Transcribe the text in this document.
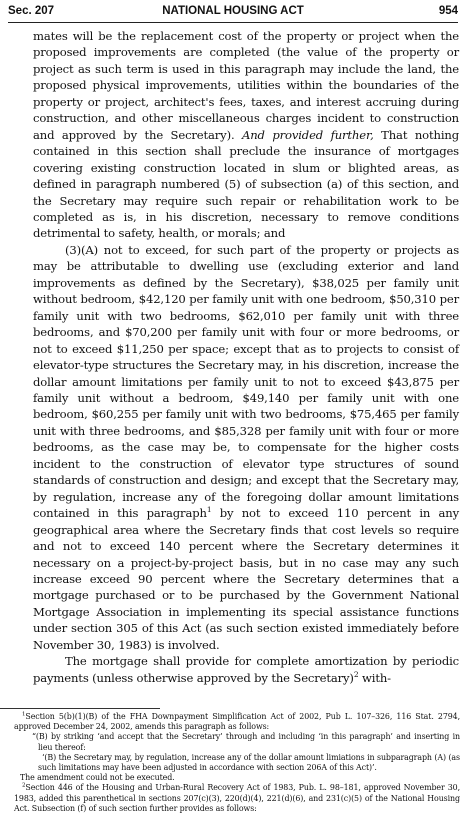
Sec. 207	NATIONAL HOUSING ACT	954

mates will be the replacement cost of the property or project when the proposed improvements are completed (the value of the property or project as such term is used in this paragraph may include the land, the proposed physical improvements, utilities within the boundaries of the property or project, architect's fees, taxes, and interest accruing during construction, and other miscellaneous charges incident to construction and approved by the Secretary). And provided further, That nothing contained in this section shall preclude the insurance of mortgages covering existing construction located in slum or blighted areas, as defined in paragraph numbered (5) of subsection (a) of this section, and the Secretary may require such repair or rehabilitation work to be completed as is, in his discretion, necessary to remove conditions detrimental to safety, health, or morals; and

(3)(A) not to exceed, for such part of the property or projects as may be attributable to dwelling use (excluding exterior and land improvements as defined by the Secretary), $38,025 per family unit without bedroom, $42,120 per family unit with one bedroom, $50,310 per family unit with two bedrooms, $62,010 per family unit with three bedrooms, and $70,200 per family unit with four or more bedrooms, or not to exceed $11,250 per space; except that as to projects to consist of elevator-type structures the Secretary may, in his discretion, increase the dollar amount limitations per family unit to not to exceed $43,875 per family unit without a bedroom, $49,140 per family unit with one bedroom, $60,255 per family unit with two bedrooms, $75,465 per family unit with three bedrooms, and $85,328 per family unit with four or more bedrooms, as the case may be, to compensate for the higher costs incident to the construction of elevator type structures of sound standards of construction and design; and except that the Secretary may, by regulation, increase any of the foregoing dollar amount limitations contained in this paragraph$^1$ by not to exceed 110 percent in any geographical area where the Secretary finds that cost levels so require and not to exceed 140 percent where the Secretary determines it necessary on a project-by-project basis, but in no case may any such increase exceed 90 percent where the Secretary determines that a mortgage purchased or to be purchased by the Government National Mortgage Association in implementing its special assistance functions under section 305 of this Act (as such section existed immediately before November 30, 1983) is involved.

The mortgage shall provide for complete amortization by periodic payments (unless otherwise approved by the Secretary)$^2$ with-

$^1$Section 5(b)(1)(B) of the FHA Downpayment Simplification Act of 2002, Pub L. 107–326, 116 Stat. 2794, approved December 24, 2002, amends this paragraph as follows:

“(B) by striking ‘and accept that the Secretary’ through and including ‘in this paragraph’ and inserting in lieu thereof:

‘(B) the Secretary may, by regulation, increase any of the dollar amount limiations in subparagraph (A) (as such limitations may have been adjusted in accordance with section 206A of this Act)’.

The amendment could not be executed.

$^2$Section 446 of the Housing and Urban-Rural Recovery Act of 1983, Pub. L. 98–181, approved November 30, 1983, added this parenthetical in sections 207(c)(3), 220(d)(4), 221(d)(6), and 231(c)(5) of the National Housing Act. Subsection (f) of such section further provides as follows:
